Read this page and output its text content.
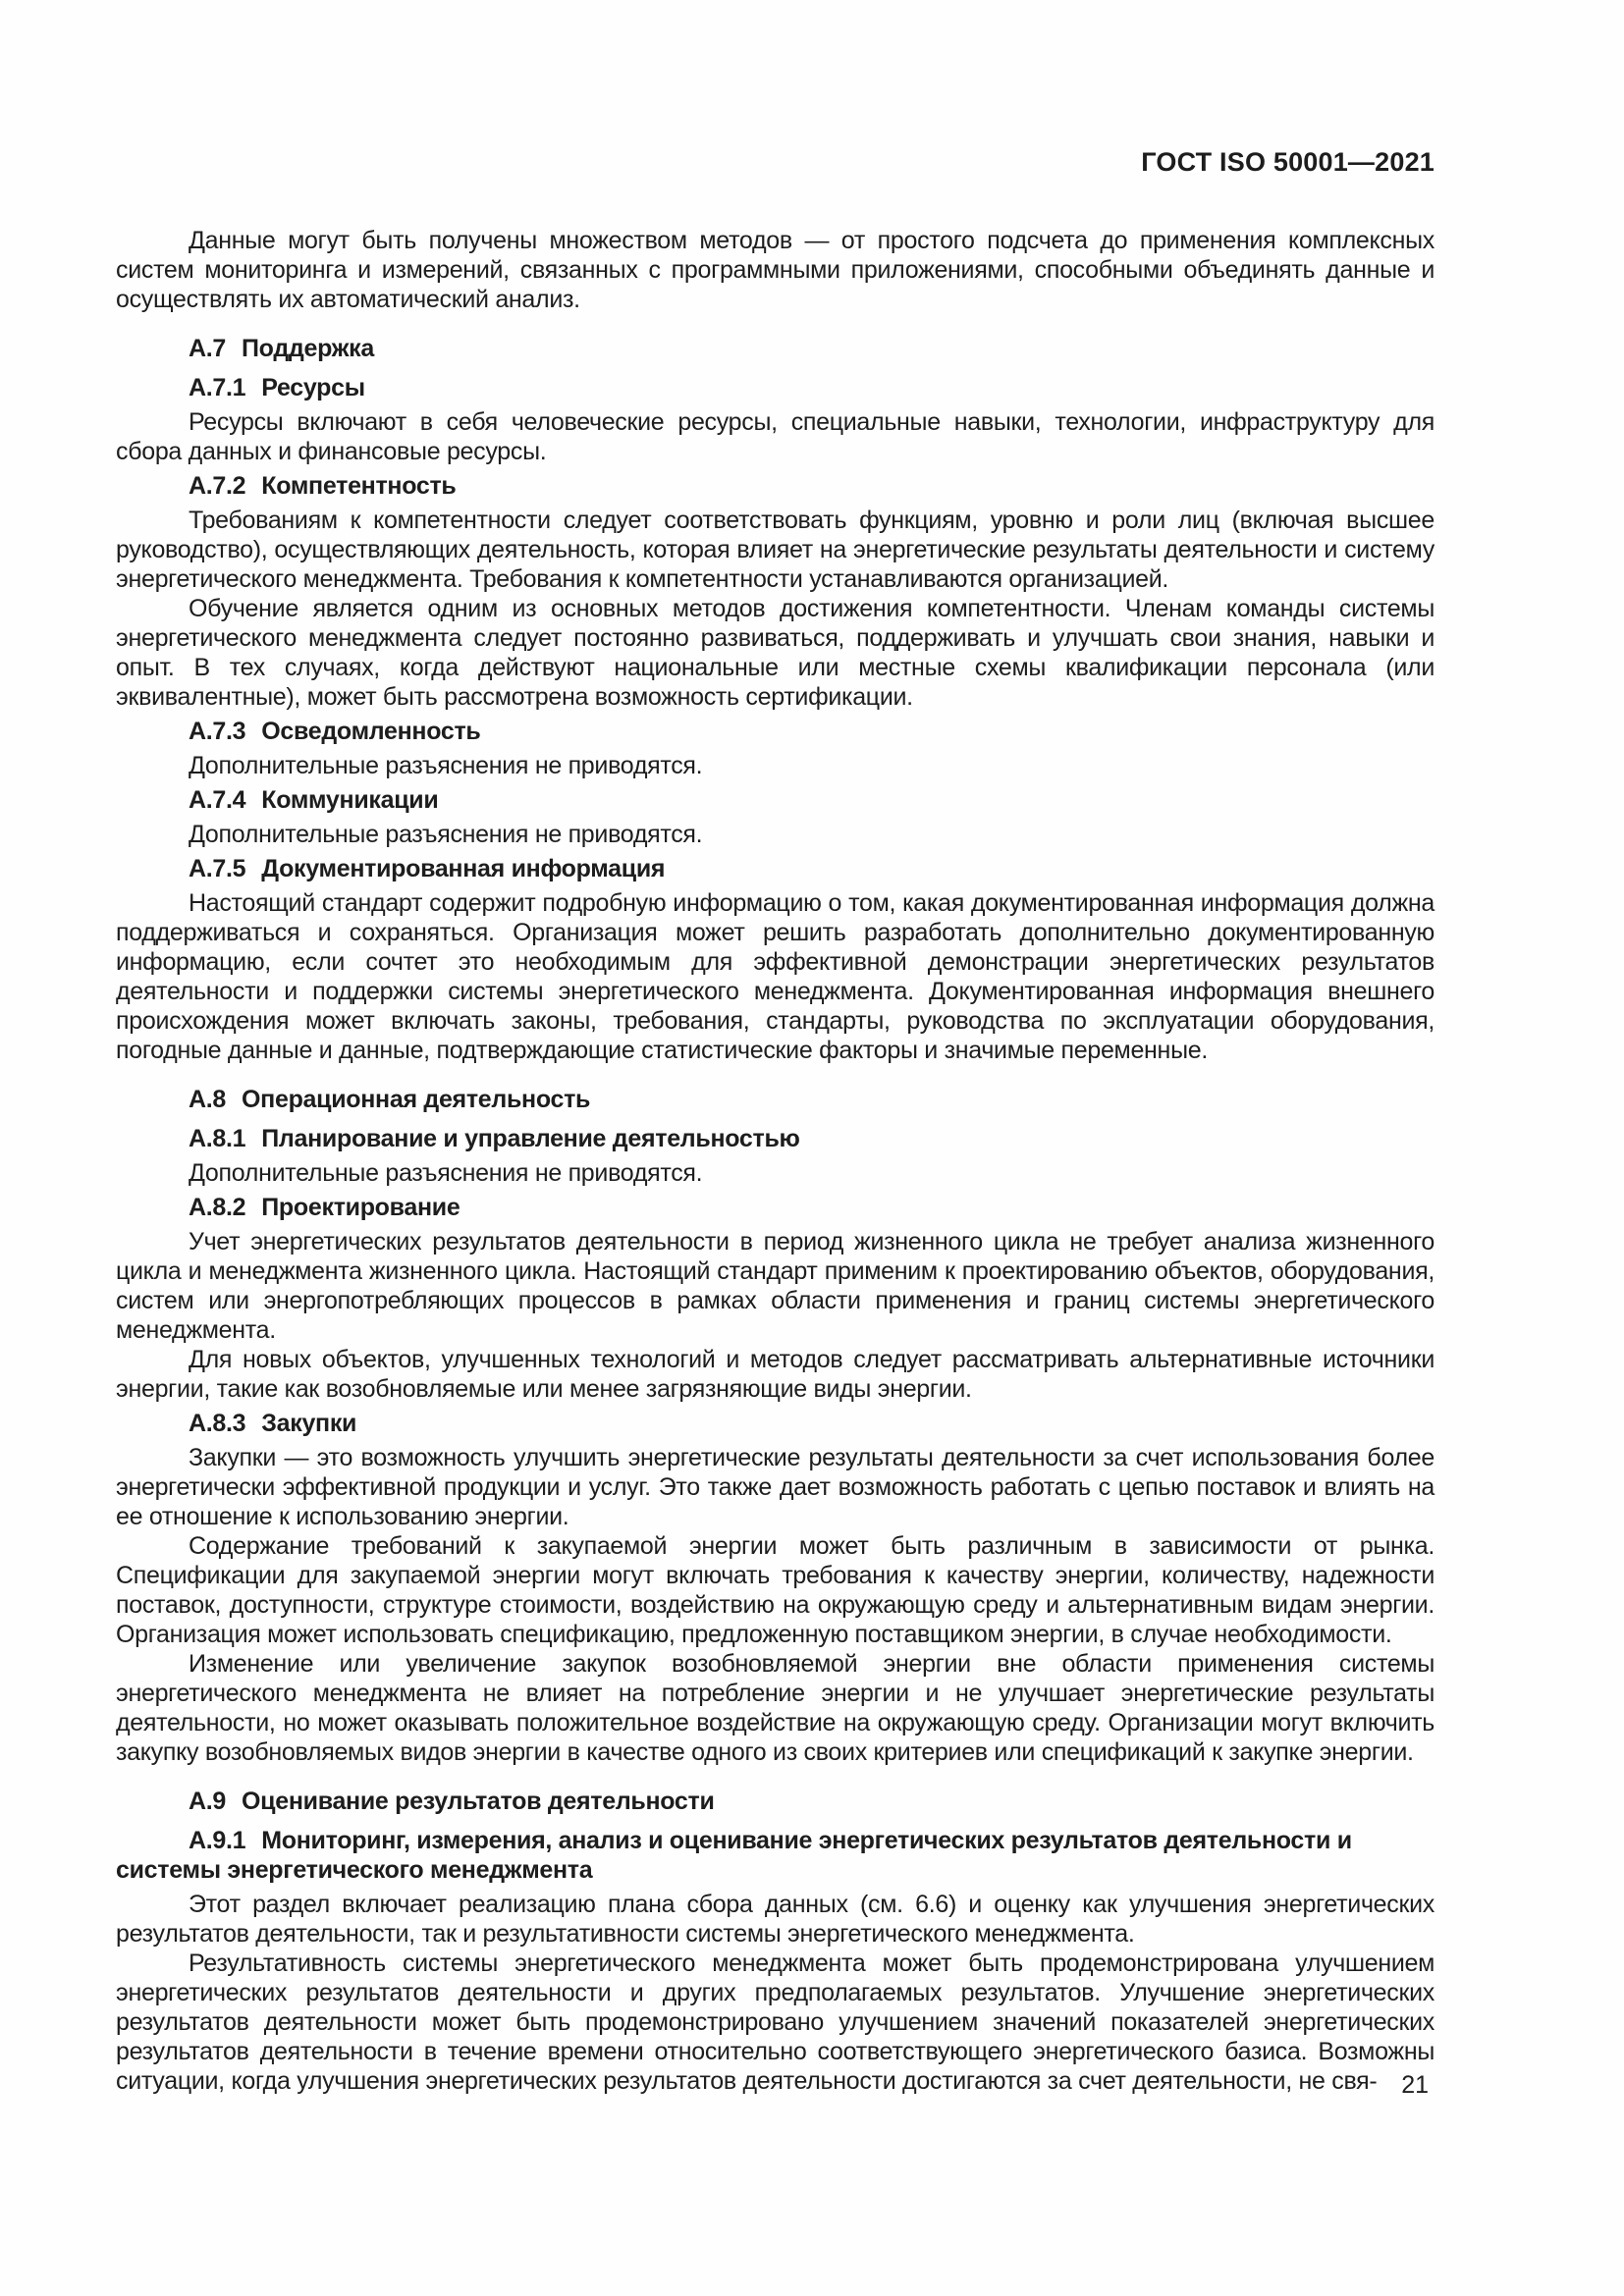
ГОСТ ISO 50001—2021

Данные могут быть получены множеством методов — от простого подсчета до применения комплексных систем мониторинга и измерений, связанных с программными приложениями, способными объединять данные и осуществлять их автоматический анализ.

А.7 Поддержка

А.7.1 Ресурсы

Ресурсы включают в себя человеческие ресурсы, специальные навыки, технологии, инфраструктуру для сбора данных и финансовые ресурсы.

А.7.2 Компетентность

Требованиям к компетентности следует соответствовать функциям, уровню и роли лиц (включая высшее руководство), осуществляющих деятельность, которая влияет на энергетические результаты деятельности и систему энергетического менеджмента. Требования к компетентности устанавливаются организацией.

Обучение является одним из основных методов достижения компетентности. Членам команды системы энергетического менеджмента следует постоянно развиваться, поддерживать и улучшать свои знания, навыки и опыт. В тех случаях, когда действуют национальные или местные схемы квалификации персонала (или эквивалентные), может быть рассмотрена возможность сертификации.

А.7.3 Осведомленность

Дополнительные разъяснения не приводятся.

А.7.4 Коммуникации

Дополнительные разъяснения не приводятся.

А.7.5 Документированная информация

Настоящий стандарт содержит подробную информацию о том, какая документированная информация должна поддерживаться и сохраняться. Организация может решить разработать дополнительно документированную информацию, если сочтет это необходимым для эффективной демонстрации энергетических результатов деятельности и поддержки системы энергетического менеджмента. Документированная информация внешнего происхождения может включать законы, требования, стандарты, руководства по эксплуатации оборудования, погодные данные и данные, подтверждающие статистические факторы и значимые переменные.

А.8 Операционная деятельность

А.8.1 Планирование и управление деятельностью

Дополнительные разъяснения не приводятся.

А.8.2 Проектирование

Учет энергетических результатов деятельности в период жизненного цикла не требует анализа жизненного цикла и менеджмента жизненного цикла. Настоящий стандарт применим к проектированию объектов, оборудования, систем или энергопотребляющих процессов в рамках области применения и границ системы энергетического менеджмента.

Для новых объектов, улучшенных технологий и методов следует рассматривать альтернативные источники энергии, такие как возобновляемые или менее загрязняющие виды энергии.

А.8.3 Закупки

Закупки — это возможность улучшить энергетические результаты деятельности за счет использования более энергетически эффективной продукции и услуг. Это также дает возможность работать с цепью поставок и влиять на ее отношение к использованию энергии.

Содержание требований к закупаемой энергии может быть различным в зависимости от рынка. Спецификации для закупаемой энергии могут включать требования к качеству энергии, количеству, надежности поставок, доступности, структуре стоимости, воздействию на окружающую среду и альтернативным видам энергии. Организация может использовать спецификацию, предложенную поставщиком энергии, в случае необходимости.

Изменение или увеличение закупок возобновляемой энергии вне области применения системы энергетического менеджмента не влияет на потребление энергии и не улучшает энергетические результаты деятельности, но может оказывать положительное воздействие на окружающую среду. Организации могут включить закупку возобновляемых видов энергии в качестве одного из своих критериев или спецификаций к закупке энергии.

А.9 Оценивание результатов деятельности

А.9.1 Мониторинг, измерения, анализ и оценивание энергетических результатов деятельности и системы энергетического менеджмента

Этот раздел включает реализацию плана сбора данных (см. 6.6) и оценку как улучшения энергетических результатов деятельности, так и результативности системы энергетического менеджмента.

Результативность системы энергетического менеджмента может быть продемонстрирована улучшением энергетических результатов деятельности и других предполагаемых результатов. Улучшение энергетических результатов деятельности может быть продемонстрировано улучшением значений показателей энергетических результатов деятельности в течение времени относительно соответствующего энергетического базиса. Возможны ситуации, когда улучшения энергетических результатов деятельности достигаются за счет деятельности, не свя- 21
